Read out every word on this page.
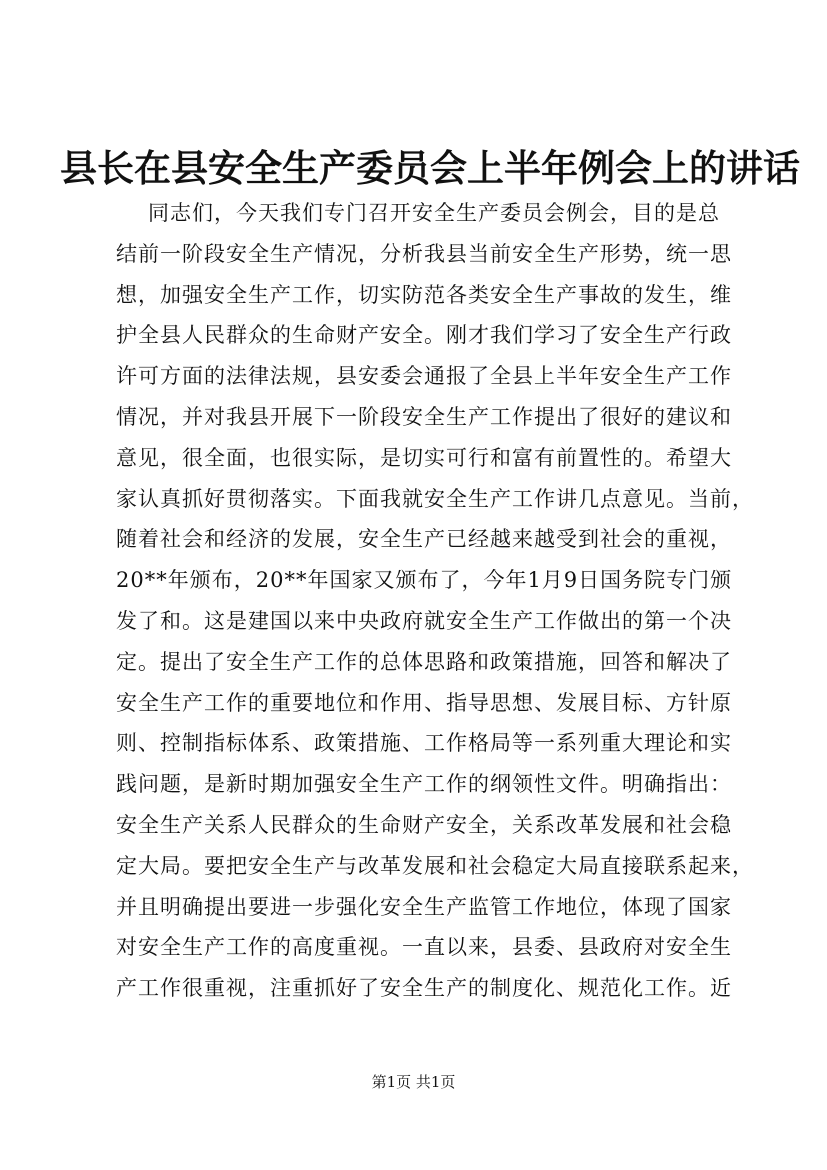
县长在县安全生产委员会上半年例会上的讲话
同志们，今天我们专门召开安全生产委员会例会，目的是总
结前一阶段安全生产情况，分析我县当前安全生产形势，统一思
想，加强安全生产工作，切实防范各类安全生产事故的发生，维
护全县人民群众的生命财产安全。刚才我们学习了安全生产行政
许可方面的法律法规，县安委会通报了全县上半年安全生产工作
情况，并对我县开展下一阶段安全生产工作提出了很好的建议和
意见，很全面，也很实际，是切实可行和富有前置性的。希望大
家认真抓好贯彻落实。下面我就安全生产工作讲几点意见。当前，
随着社会和经济的发展，安全生产已经越来越受到社会的重视，
20**年颁布，20**年国家又颁布了，今年1月9日国务院专门颁
发了和。这是建国以来中央政府就安全生产工作做出的第一个决
定。提出了安全生产工作的总体思路和政策措施，回答和解决了
安全生产工作的重要地位和作用、指导思想、发展目标、方针原
则、控制指标体系、政策措施、工作格局等一系列重大理论和实
践问题，是新时期加强安全生产工作的纲领性文件。明确指出：
安全生产关系人民群众的生命财产安全，关系改革发展和社会稳
定大局。要把安全生产与改革发展和社会稳定大局直接联系起来，
并且明确提出要进一步强化安全生产监管工作地位，体现了国家
对安全生产工作的高度重视。一直以来，县委、县政府对安全生
产工作很重视，注重抓好了安全生产的制度化、规范化工作。近
第1页 共1页
